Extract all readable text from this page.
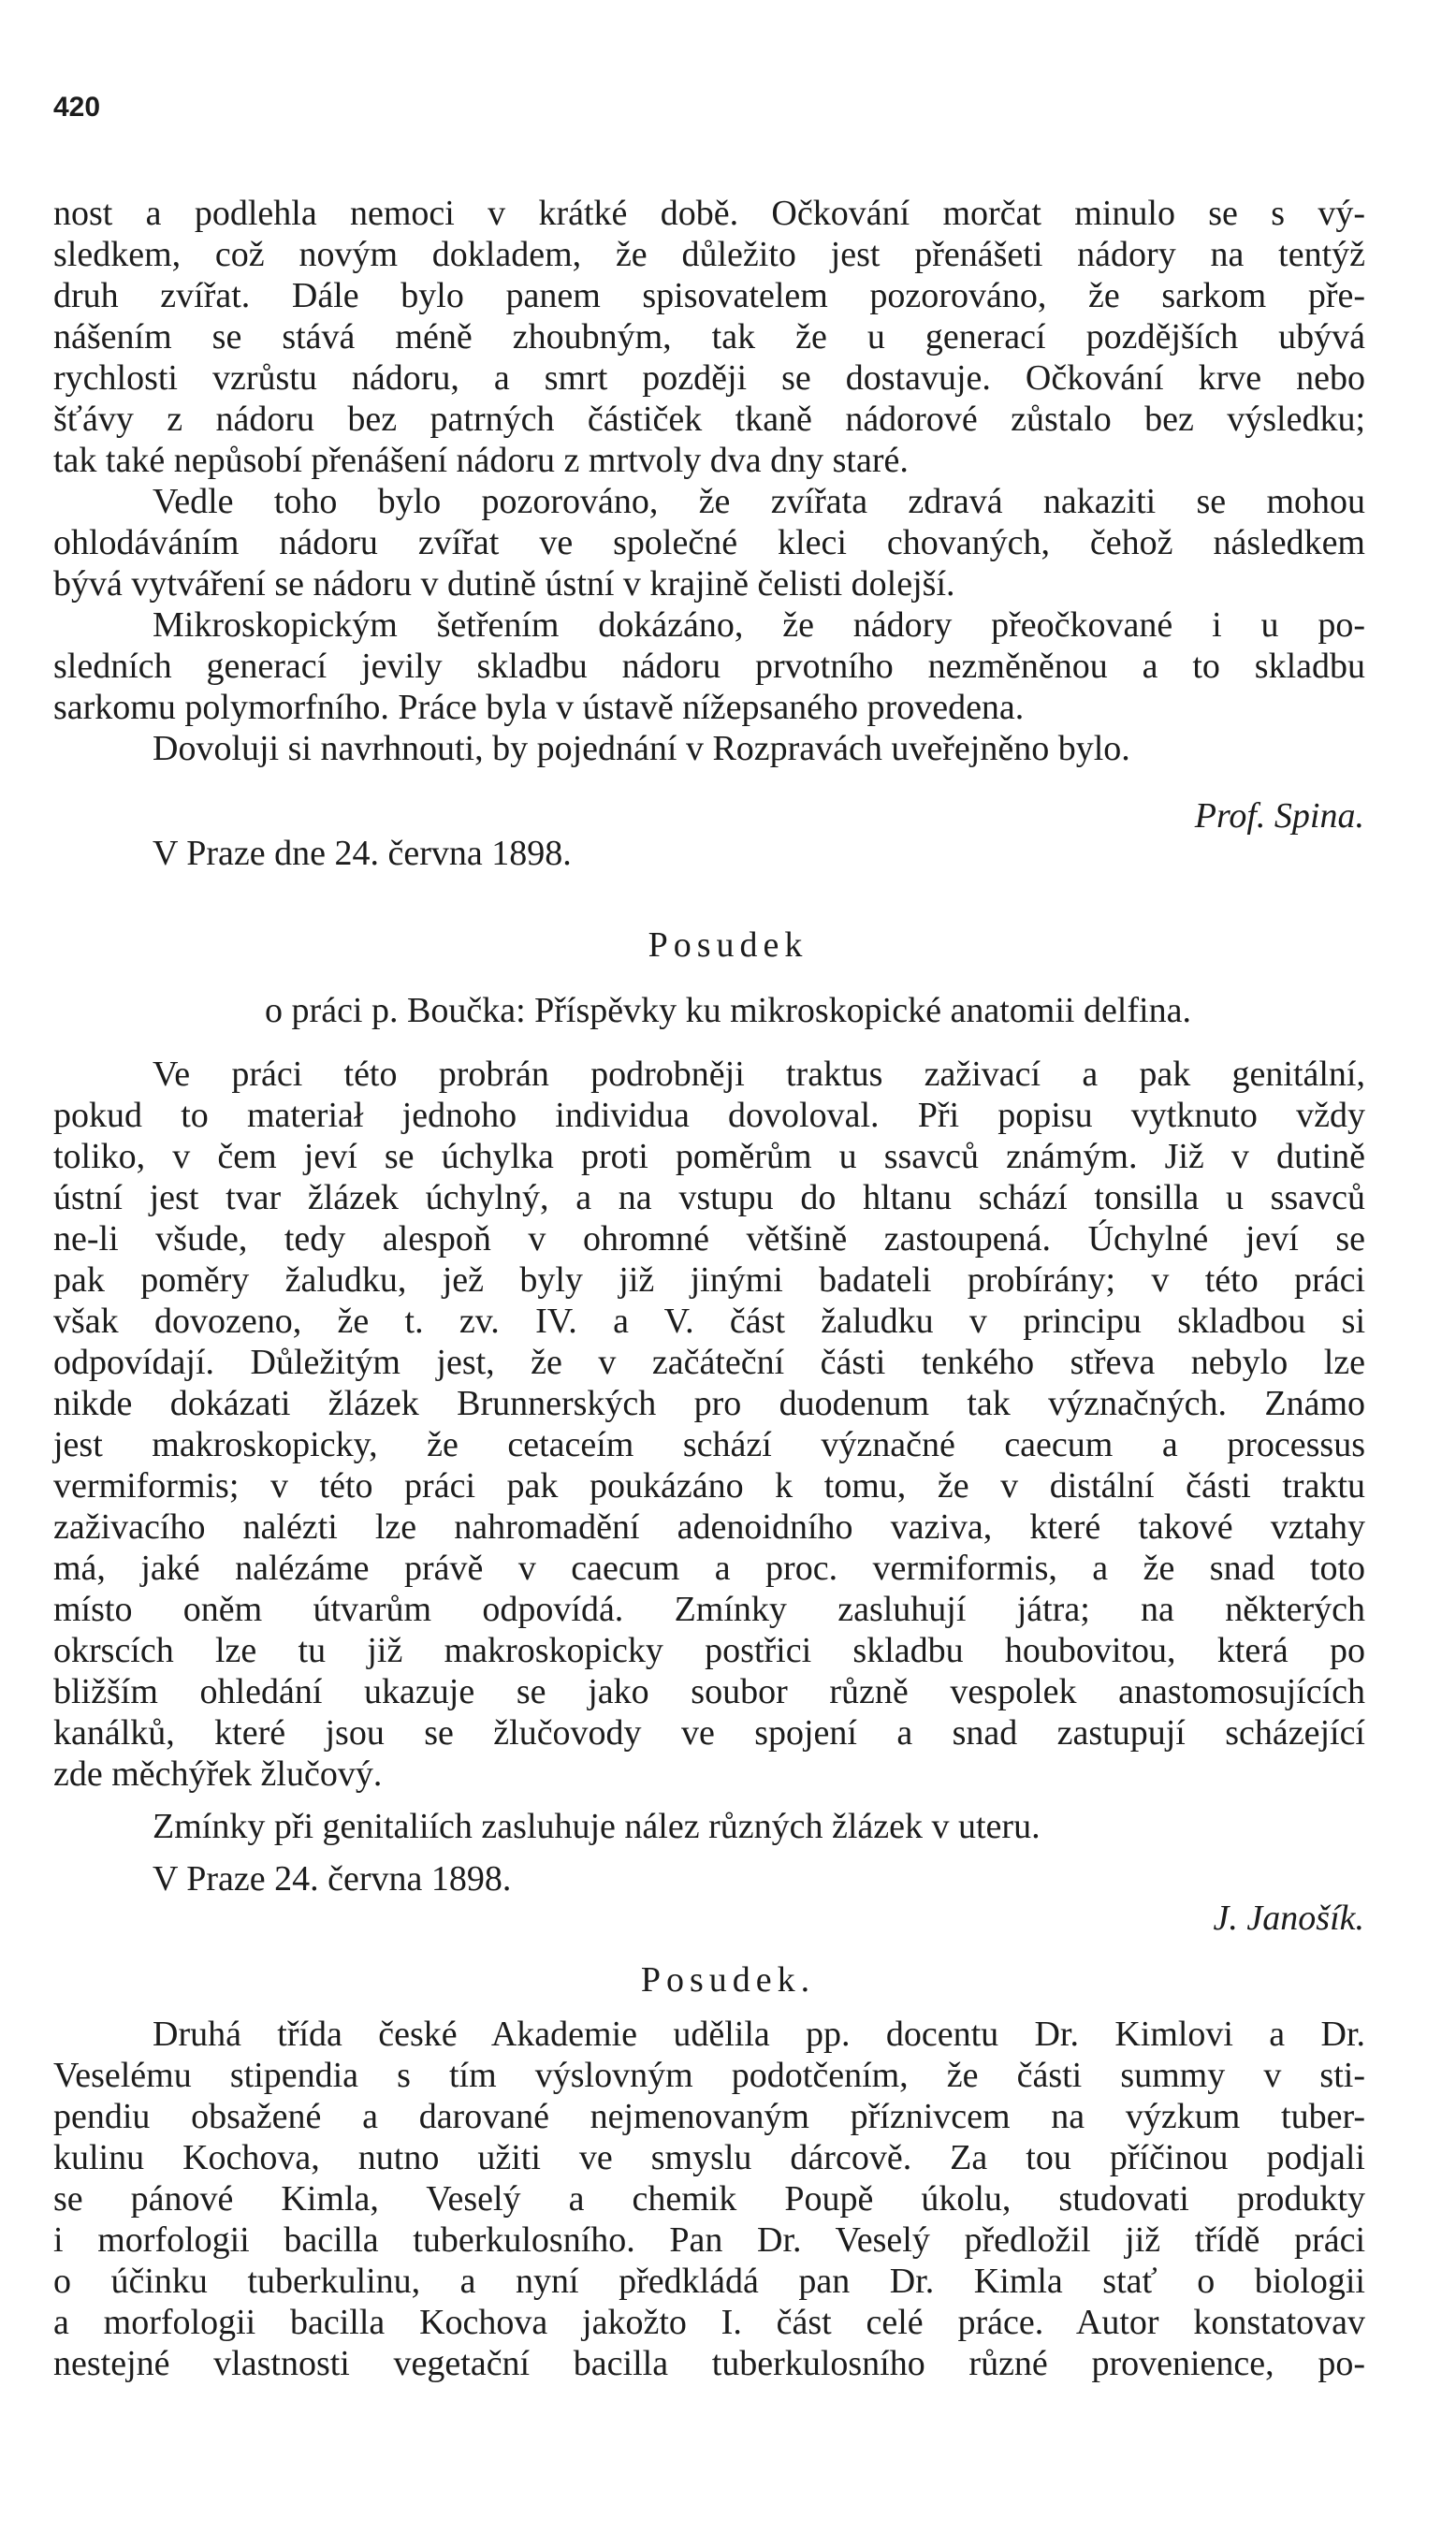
420
nost a podlehla nemoci v krátké době. Očkování morčat minulo se s vý-
sledkem, což novým dokladem, že důležito jest přenášeti nádory na tentýž
druh zvířat. Dále bylo panem spisovatelem pozorováno, že sarkom pře-
nášením se stává méně zhoubným, tak že u generací pozdějších ubývá
rychlosti vzrůstu nádoru, a smrt později se dostavuje. Očkování krve nebo
šťávy z nádoru bez patrných částiček tkaně nádorové zůstalo bez výsledku;
tak také nepůsobí přenášení nádoru z mrtvoly dva dny staré.
Vedle toho bylo pozorováno, že zvířata zdravá nakaziti se mohou
ohlodáváním nádoru zvířat ve společné kleci chovaných, čehož následkem
bývá vytváření se nádoru v dutině ústní v krajině čelisti dolejší.
Mikroskopickým šetřením dokázáno, že nádory přeočkované i u po-
sledních generací jevily skladbu nádoru prvotního nezměněnou a to skladbu
sarkomu polymorfního. Práce byla v ústavě nížepsaného provedena.
Dovoluji si navrhnouti, by pojednání v Rozpravách uveřejněno bylo.
Prof. Spina.
V Praze dne 24. června 1898.
Posudek
o práci p. Boučka: Příspěvky ku mikroskopické anatomii delfina.
Ve práci této probrán podrobněji traktus zaživací a pak genitální,
pokud to materiał jednoho individua dovoloval. Při popisu vytknuto vždy
toliko, v čem jeví se úchylka proti poměrům u ssavců známým. Již v dutině
ústní jest tvar žlázek úchylný, a na vstupu do hltanu schází tonsilla u ssavců
ne-li všude, tedy alespoň v ohromné většině zastoupená. Úchylné jeví se
pak poměry žaludku, jež byly již jinými badateli probírány; v této práci
však dovozeno, že t. zv. IV. a V. část žaludku v principu skladbou si
odpovídají. Důležitým jest, že v začáteční části tenkého střeva nebylo lze
nikde dokázati žlázek Brunnerských pro duodenum tak význačných. Známo
jest makroskopicky, že cetaceím schází význačné caecum a processus
vermiformis; v této práci pak poukázáno k tomu, že v distální části traktu
zaživacího nalézti lze nahromadění adenoidního vaziva, které takové vztahy
má, jaké nalézáme právě v caecum a proc. vermiformis, a že snad toto
místo oněm útvarům odpovídá. Zmínky zasluhují játra; na některých
okrscích lze tu již makroskopicky postřici skladbu houbovitou, která po
bližším ohledání ukazuje se jako soubor různě vespolek anastomosujících
kanálků, které jsou se žlučovody ve spojení a snad zastupují scházející
zde měchýřek žlučový.
Zmínky při genitaliích zasluhuje nález různých žlázek v uteru.
V Praze 24. června 1898.
J. Janošík.
Posudek.
Druhá třída české Akademie udělila pp. docentu Dr. Kimlovi a Dr.
Veselému stipendia s tím výslovným podotčením, že části summy v sti-
pendiu obsažené a darované nejmenovaným příznivcem na výzkum tuber-
kulinu Kochova, nutno užiti ve smyslu dárcově. Za tou příčinou podjali
se pánové Kimla, Veselý a chemik Poupě úkolu, studovati produkty
i morfologii bacilla tuberkulosního. Pan Dr. Veselý předložil již třídě práci
o účinku tuberkulinu, a nyní předkládá pan Dr. Kimla stať o biologii
a morfologii bacilla Kochova jakožto I. část celé práce. Autor konstatovav
nestejné vlastnosti vegetační bacilla tuberkulosního různé provenience, po-
